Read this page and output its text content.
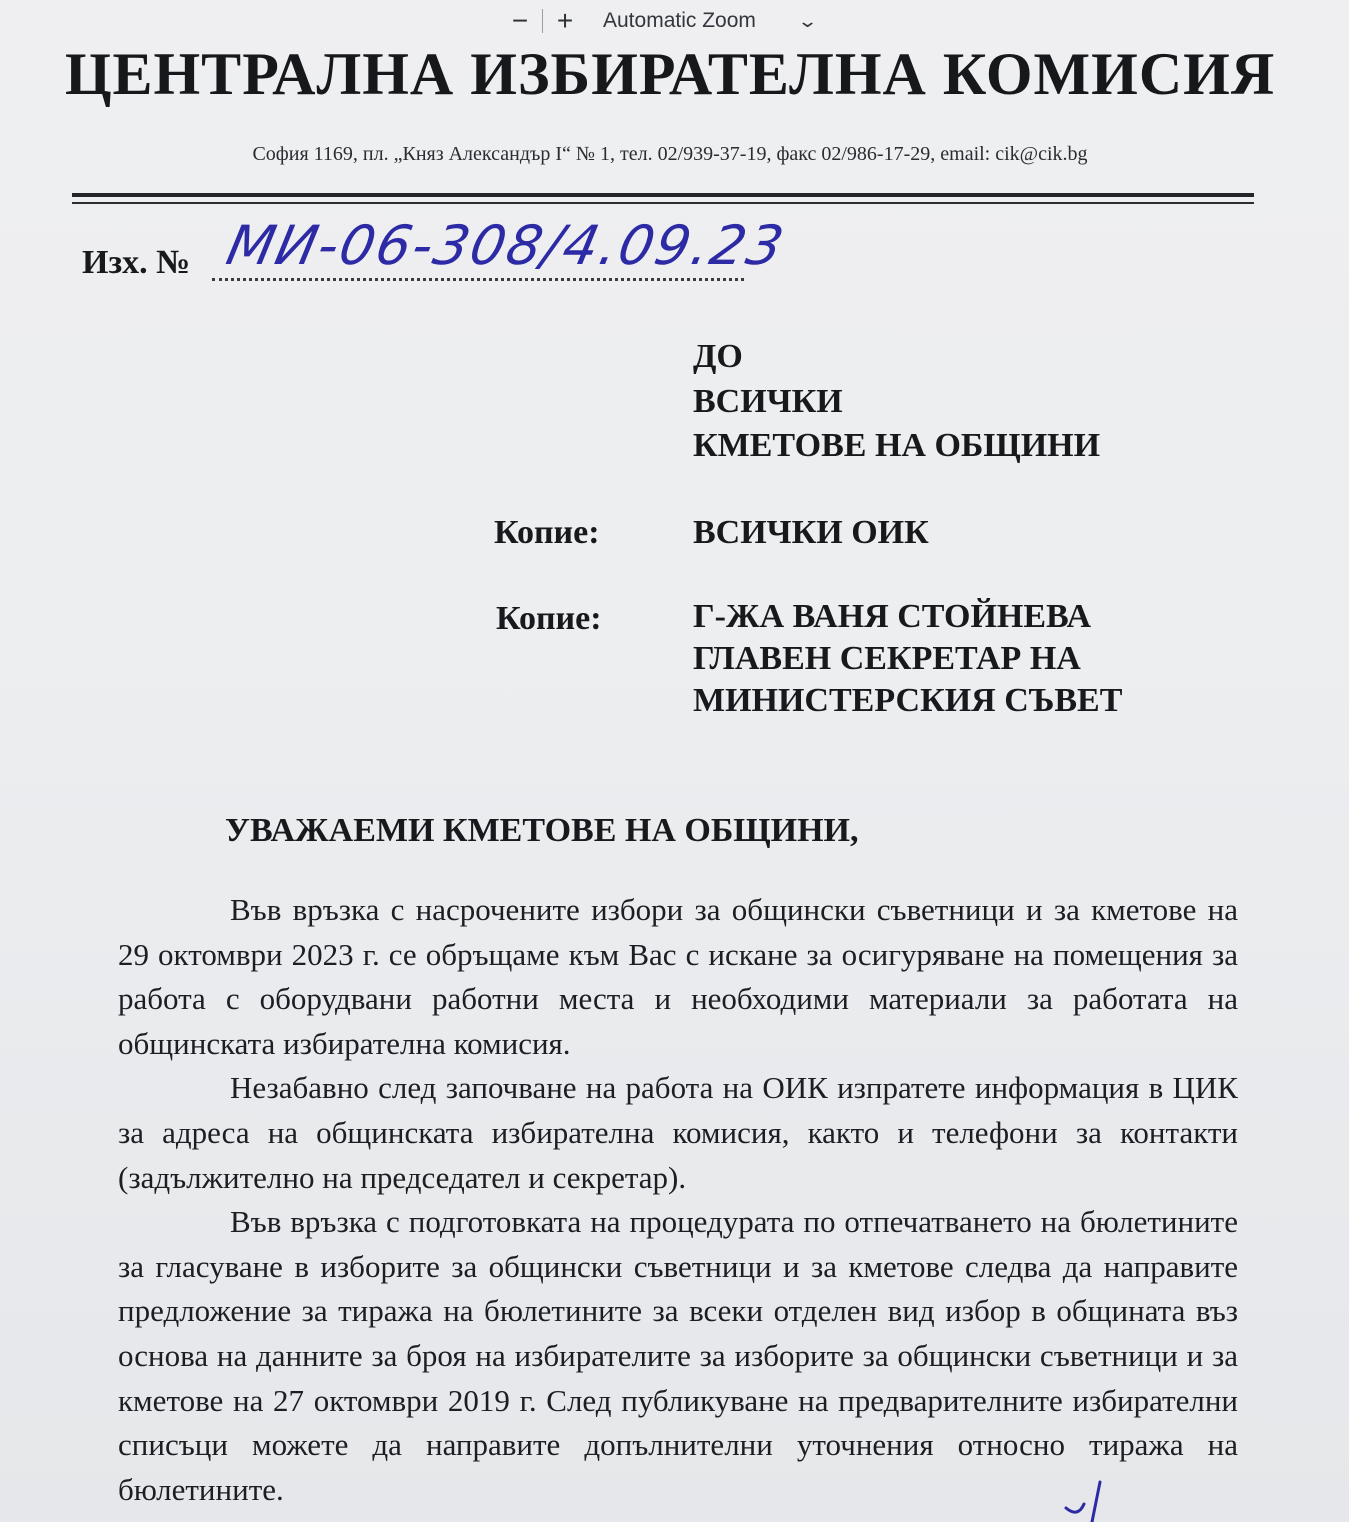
− + Automatic Zoom ⌄
ЦЕНТРАЛНА ИЗБИРАТЕЛНА КОМИСИЯ
София 1169, пл. „Княз Александър I“ № 1, тел. 02/939-37-19, факс 02/986-17-29, email: cik@cik.bg
Изх. № МИ-06-308/4.09.23
ДО
ВСИЧКИ
КМЕТОВЕ НА ОБЩИНИ
Копие:	ВСИЧКИ ОИК
Копие:	Г-ЖА ВАНЯ СТОЙНЕВА
ГЛАВЕН СЕКРЕТАР НА
МИНИСТЕРСКИЯ СЪВЕТ
УВАЖАЕМИ КМЕТОВЕ НА ОБЩИНИ,

Във връзка с насрочените избори за общински съветници и за кметове на 29 октомври 2023 г. се обръщаме към Вас с искане за осигуряване на помещения за работа с оборудвани работни места и необходими материали за работата на общинската избирателна комисия.

Незабавно след започване на работа на ОИК изпратете информация в ЦИК за адреса на общинската избирателна комисия, както и телефони за контакти (задължително на председател и секретар).

Във връзка с подготовката на процедурата по отпечатването на бюлетините за гласуване в изборите за общински съветници и за кметове следва да направите предложение за тиража на бюлетините за всеки отделен вид избор в общината въз основа на данните за броя на избирателите за изборите за общински съветници и за кметове на 27 октомври 2019 г. След публикуване на предварителните избирателни списъци можете да направите допълнителни уточнения относно тиража на бюлетините.
